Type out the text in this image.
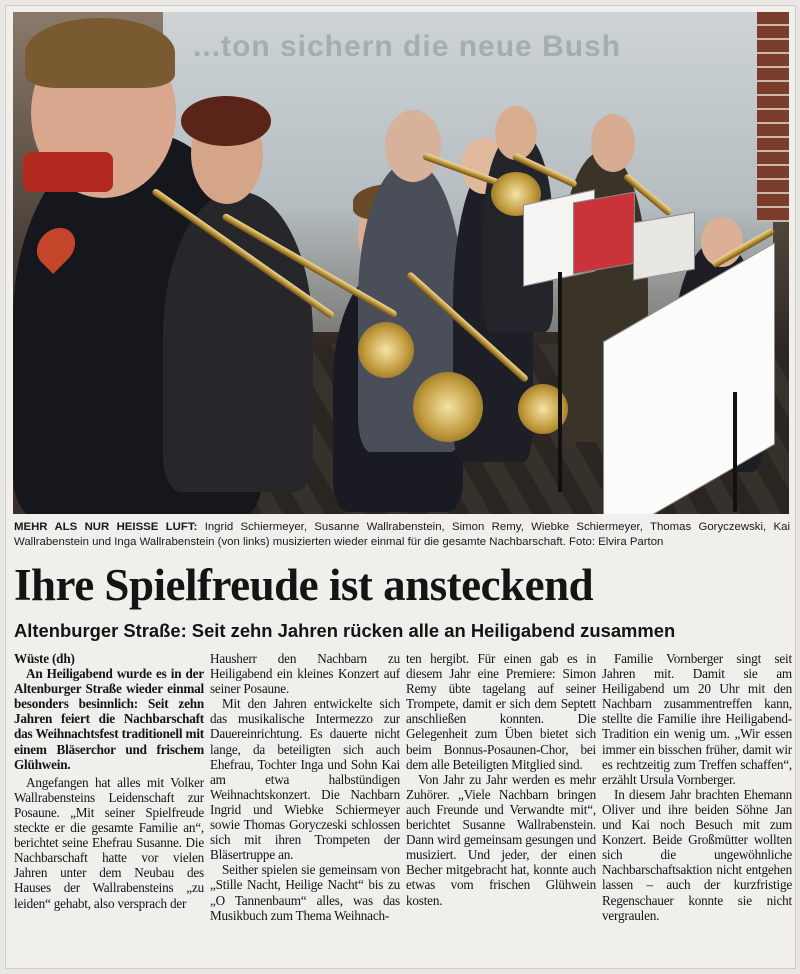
...ton sichern die neue Bush
MEHR ALS NUR HEISSE LUFT: Ingrid Schiermeyer, Susanne Wallrabenstein, Simon Remy, Wiebke Schiermeyer, Thomas Goryczewski, Kai Wallrabenstein und Inga Wallrabenstein (von links) musizierten wieder einmal für die gesamte Nachbarschaft. Foto: Elvira Parton
Ihre Spielfreude ist ansteckend
Altenburger Straße: Seit zehn Jahren rücken alle an Heiligabend zusammen

Wüste (dh)

An Heiligabend wurde es in der Altenburger Straße wieder einmal besonders besinnlich: Seit zehn Jahren feiert die Nachbarschaft das Weihnachtsfest traditionell mit einem Bläserchor und frischem Glühwein.

Angefangen hat alles mit Volker Wallrabensteins Leidenschaft zur Posaune. „Mit seiner Spielfreude steckte er die gesamte Familie an“, berichtet seine Ehefrau Susanne. Die Nachbarschaft hatte vor vielen Jahren unter dem Neubau des Hauses der Wallrabensteins „zu leiden“ gehabt, also versprach der

Hausherr den Nachbarn zu Heiligabend ein kleines Konzert auf seiner Posaune.

Mit den Jahren entwickelte sich das musikalische Intermezzo zur Dauereinrichtung. Es dauerte nicht lange, da beteiligten sich auch Ehefrau, Tochter Inga und Sohn Kai am etwa halbstündigen Weihnachtskonzert. Die Nachbarn Ingrid und Wiebke Schiermeyer sowie Thomas Goryczeski schlossen sich mit ihren Trompeten der Bläsertruppe an.

Seither spielen sie gemeinsam von „Stille Nacht, Heilige Nacht“ bis zu „O Tannenbaum“ alles, was das Musikbuch zum Thema Weihnach-

ten hergibt. Für einen gab es in diesem Jahr eine Premiere: Simon Remy übte tagelang auf seiner Trompete, damit er sich dem Septett anschließen konnten. Die Gelegenheit zum Üben bietet sich beim Bonnus-Posaunen-Chor, bei dem alle Beteiligten Mitglied sind.

Von Jahr zu Jahr werden es mehr Zuhörer. „Viele Nachbarn bringen auch Freunde und Verwandte mit“, berichtet Susanne Wallrabenstein. Dann wird gemeinsam gesungen und musiziert. Und jeder, der einen Becher mitgebracht hat, konnte auch etwas vom frischen Glühwein kosten.

Familie Vornberger singt seit Jahren mit. Damit sie am Heiligabend um 20 Uhr mit den Nachbarn zusammentreffen kann, stellte die Familie ihre Heiligabend-Tradition ein wenig um. „Wir essen immer ein bisschen früher, damit wir es rechtzeitig zum Treffen schaffen“, erzählt Ursula Vornberger.

In diesem Jahr brachten Ehemann Oliver und ihre beiden Söhne Jan und Kai noch Besuch mit zum Konzert. Beide Großmütter wollten sich die ungewöhnliche Nachbarschaftsaktion nicht entgehen lassen – auch der kurzfristige Regenschauer konnte sie nicht vergraulen.
